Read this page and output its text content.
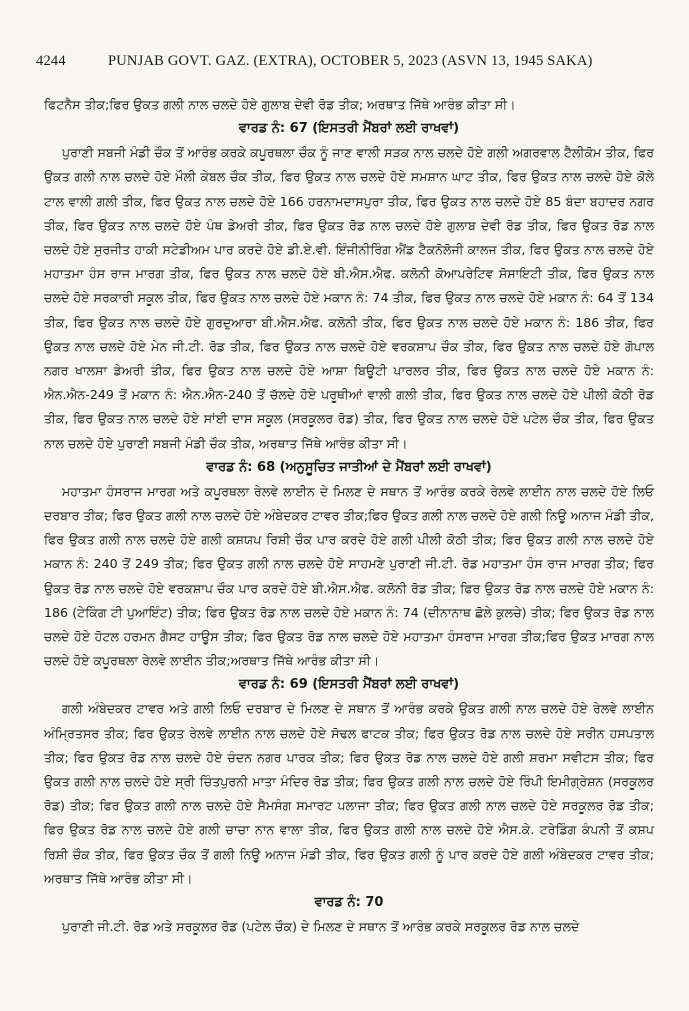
4244	PUNJAB GOVT. GAZ. (EXTRA), OCTOBER 5, 2023 (ASVN 13, 1945 SAKA)

ਫਿਟਨੈਸ ਤੀਕ;ਫਿਰ ਉਕਤ ਗਲੀ ਨਾਲ ਚਲਦੇ ਹੋਏ ਗੁਲਾਬ ਦੇਵੀ ਰੋਡ ਤੀਕ; ਅਰਥਾਤ ਜਿੱਥੇ ਆਰੰਭ ਕੀਤਾ ਸੀ।

ਵਾਰਡ ਨੰ: 67 (ਇਸਤਰੀ ਮੈਂਬਰਾਂ ਲਈ ਰਾਖਵਾਂ)

ਪੁਰਾਣੀ ਸਬਜੀ ਮੰਡੀ ਚੌਕ ਤੋਂ ਆਰੰਭ ਕਰਕੇ ਕਪੂਰਥਲਾ ਚੌਕ ਨੂੰ ਜਾਣ ਵਾਲੀ ਸੜਕ ਨਾਲ ਚਲਦੇ ਹੋਏ ਗਲੀ ਅਗਰਵਾਲ ਟੈਲੀਕੋਮ ਤੀਕ, ਫਿਰ ਉਕਤ ਗਲੀ ਨਾਲ ਚਲਦੇ ਹੋਏ ਮੌਲੀ ਕੇਬਲ ਚੌਕ ਤੀਕ, ਫਿਰ ਉਕਤ ਨਾਲ ਚਲਦੇ ਹੋਏ ਸਮਸ਼ਾਨ ਘਾਟ ਤੀਕ, ਫਿਰ ਉਕਤ ਨਾਲ ਚਲਦੇ ਹੋਏ ਕੋਲੇ ਟਾਲ ਵਾਲੀ ਗਲੀ ਤੀਕ, ਫਿਰ ਉਕਤ ਨਾਲ ਚਲਦੇ ਹੋਏ 166 ਹਰਨਾਮਦਾਸਪੁਰਾ ਤੀਕ, ਫਿਰ ਉਕਤ ਨਾਲ ਚਲਦੇ ਹੋਏ 85 ਬੰਦਾ ਬਹਾਦਰ ਨਗਰ ਤੀਕ, ਫਿਰ ਉਕਤ ਨਾਲ ਚਲਦੇ ਹੋਏ ਪੰਥ ਡੇਅਰੀ ਤੀਕ, ਫਿਰ ਉਕਤ ਰੋਡ ਨਾਲ ਚਲਦੇ ਹੋਏ ਗੁਲਾਬ ਦੇਵੀ ਰੋਡ ਤੀਕ, ਫਿਰ ਉਕਤ ਰੋਡ ਨਾਲ ਚਲਦੇ ਹੋਏ ਸੁਰਜੀਤ ਹਾਕੀ ਸਟੇਡੀਅਮ ਪਾਰ ਕਰਦੇ ਹੋਏ ਡੀ.ਏ.ਵੀ. ਇੰਜੀਨੀਰਿੰਗ ਐਂਡ ਟੈਕਨੋਲੋਜੀ ਕਾਲਜ ਤੀਕ, ਫਿਰ ਉਕਤ ਨਾਲ ਚਲਦੇ ਹੋਏ ਮਹਾਤਮਾ ਹੰਸ ਰਾਜ ਮਾਰਗ ਤੀਕ, ਫਿਰ ਉਕਤ ਨਾਲ ਚਲਦੇ ਹੋਏ ਬੀ.ਐਸ.ਐਫ. ਕਲੋਨੀ ਕੋਆਪਰੇਟਿਵ ਸੋਸਾਇਟੀ ਤੀਕ, ਫਿਰ ਉਕਤ ਨਾਲ ਚਲਦੇ ਹੋਏ ਸਰਕਾਰੀ ਸਕੂਲ ਤੀਕ, ਫਿਰ ਉਕਤ ਨਾਲ ਚਲਦੇ ਹੋਏ ਮਕਾਨ ਨੰ: 74 ਤੀਕ, ਫਿਰ ਉਕਤ ਨਾਲ ਚਲਦੇ ਹੋਏ ਮਕਾਨ ਨੰ: 64 ਤੋਂ 134 ਤੀਕ, ਫਿਰ ਉਕਤ ਨਾਲ ਚਲਦੇ ਹੋਏ ਗੁਰਦੁਆਰਾ ਬੀ.ਐਸ.ਐਫ. ਕਲੋਨੀ ਤੀਕ, ਫਿਰ ਉਕਤ ਨਾਲ ਚਲਦੇ ਹੋਏ ਮਕਾਨ ਨੰ: 186 ਤੀਕ, ਫਿਰ ਉਕਤ ਨਾਲ ਚਲਦੇ ਹੋਏ ਮੇਨ ਜੀ.ਟੀ. ਰੋਡ ਤੀਕ, ਫਿਰ ਉਕਤ ਨਾਲ ਚਲਦੇ ਹੋਏ ਵਰਕਸ਼ਾਪ ਚੌਕ ਤੀਕ, ਫਿਰ ਉਕਤ ਨਾਲ ਚਲਦੇ ਹੋਏ ਗੋਪਾਲ ਨਗਰ ਖਾਲਸਾ ਡੇਅਰੀ ਤੀਕ, ਫਿਰ ਉਕਤ ਨਾਲ ਚਲਦੇ ਹੋਏ ਆਸ਼ਾ ਬਿਊਟੀ ਪਾਰਲਰ ਤੀਕ, ਫਿਰ ਉਕਤ ਨਾਲ ਚਲਦੇ ਹੋਏ ਮਕਾਨ ਨੰ: ਐਨ.ਐਨ-249 ਤੋਂ ਮਕਾਨ ਨੰ: ਐਨ.ਐਨ-240 ਤੋਂ ਚੱਲਦੇ ਹੋਏ ਪਰੂਥੀਆਂ ਵਾਲੀ ਗਲੀ ਤੀਕ, ਫਿਰ ਉਕਤ ਨਾਲ ਚਲਦੇ ਹੋਏ ਪੀਲੀ ਕੋਠੀ ਰੋਡ ਤੀਕ, ਫਿਰ ਉਕਤ ਨਾਲ ਚਲਦੇ ਹੋਏ ਸਾਂਈ ਦਾਸ ਸਕੂਲ (ਸਰਕੂਲਰ ਰੋਡ) ਤੀਕ, ਫਿਰ ਉਕਤ ਨਾਲ ਚਲਦੇ ਹੋਏ ਪਟੇਲ ਚੌਕ ਤੀਕ, ਫਿਰ ਉਕਤ ਨਾਲ ਚਲਦੇ ਹੋਏ ਪੁਰਾਣੀ ਸਬਜੀ ਮੰਡੀ ਚੌਕ ਤੀਕ, ਅਰਥਾਤ ਜਿੱਥੇ ਆਰੰਭ ਕੀਤਾ ਸੀ।

ਵਾਰਡ ਨੰ: 68 (ਅਨੁਸੂਚਿਤ ਜਾਤੀਆਂ ਦੇ ਮੈਂਬਰਾਂ ਲਈ ਰਾਖਵਾਂ)

ਮਹਾਤਮਾ ਹੰਸਰਾਜ ਮਾਰਗ ਅਤੇ ਕਪੂਰਥਲਾ ਰੇਲਵੇ ਲਾਈਨ ਦੇ ਮਿਲਣ ਦੇ ਸਥਾਨ ਤੋਂ ਆਰੰਭ ਕਰਕੇ ਰੇਲਵੇ ਲਾਈਨ ਨਾਲ ਚਲਦੇ ਹੋਏ ਲਿਓ ਦਰਬਾਰ ਤੀਕ; ਫਿਰ ਉਕਤ ਗਲੀ ਨਾਲ ਚਲਦੇ ਹੋਏ ਅੰਬੇਦਕਰ ਟਾਵਰ ਤੀਕ;ਫਿਰ ਉਕਤ ਗਲੀ ਨਾਲ ਚਲਦੇ ਹੋਏ ਗਲੀ ਨਿਊ ਅਨਾਜ ਮੰਡੀ ਤੀਕ, ਫਿਰ ਉਕਤ ਗਲੀ ਨਾਲ ਚਲਦੇ ਹੋਏ ਗਲੀ ਕਸ਼ਯਪ ਰਿਸ਼ੀ ਚੌਕ ਪਾਰ ਕਰਦੇ ਹੋਏ ਗਲੀ ਪੀਲੀ ਕੋਠੀ ਤੀਕ; ਫਿਰ ਉਕਤ ਗਲੀ ਨਾਲ ਚਲਦੇ ਹੋਏ ਮਕਾਨ ਨੰ: 240 ਤੋਂ 249 ਤੀਕ; ਫਿਰ ਉਕਤ ਗਲੀ ਨਾਲ ਚਲਦੇ ਹੋਏ ਸਾਹਮਣੇ ਪੁਰਾਣੀ ਜੀ.ਟੀ. ਰੋਡ ਮਹਾਤਮਾ ਹੰਸ ਰਾਜ ਮਾਰਗ ਤੀਕ; ਫਿਰ ਉਕਤ ਰੋਡ ਨਾਲ ਚਲਦੇ ਹੋਏ ਵਰਕਸ਼ਾਪ ਚੌਕ ਪਾਰ ਕਰਦੇ ਹੋਏ ਬੀ.ਐਸ.ਐਫ. ਕਲੋਨੀ ਰੋਡ ਤੀਕ; ਫਿਰ ਉਕਤ ਰੋਡ ਨਾਲ ਚਲਦੇ ਹੋਏ ਮਕਾਨ ਨੰ: 186 (ਟੇਕਿੰਗ ਟੀ ਪੁਆਇੰਟ) ਤੀਕ; ਫਿਰ ਉਕਤ ਰੋਡ ਨਾਲ ਚਲਦੇ ਹੋਏ ਮਕਾਨ ਨੰ: 74 (ਦੀਨਾਨਾਥ ਛੋਲੇ ਕੁਲਚੇ) ਤੀਕ; ਫਿਰ ਉਕਤ ਰੋਡ ਨਾਲ ਚਲਦੇ ਹੋਏ ਹੋਟਲ ਹਰਮਨ ਗੈਸਟ ਹਾਊਸ ਤੀਕ; ਫਿਰ ਉਕਤ ਰੋਡ ਨਾਲ ਚਲਦੇ ਹੋਏ ਮਹਾਤਮਾ ਹੰਸਰਾਜ ਮਾਰਗ ਤੀਕ;ਫਿਰ ਉਕਤ ਮਾਰਗ ਨਾਲ ਚਲਦੇ ਹੋਏ ਕਪੂਰਥਲਾ ਰੇਲਵੇ ਲਾਈਨ ਤੀਕ;ਅਰਥਾਤ ਜਿੱਥੇ ਆਰੰਭ ਕੀਤਾ ਸੀ।

ਵਾਰਡ ਨੰ: 69 (ਇਸਤਰੀ ਮੈਂਬਰਾਂ ਲਈ ਰਾਖਵਾਂ)

ਗਲੀ ਅੰਬੇਦਕਰ ਟਾਵਰ ਅਤੇ ਗਲੀ ਲਿਓ ਦਰਬਾਰ ਦੇ ਮਿਲਣ ਦੇ ਸਥਾਨ ਤੋਂ ਆਰੰਭ ਕਰਕੇ ਉਕਤ ਗਲੀ ਨਾਲ ਚਲਦੇ ਹੋਏ ਰੇਲਵੇ ਲਾਈਨ ਅੰਮ੍ਰਿਤਸਰ ਤੀਕ; ਫਿਰ ਉਕਤ ਰੇਲਵੇ ਲਾਈਨ ਨਾਲ ਚਲਦੇ ਹੋਏ ਸੋਢਲ ਫਾਟਕ ਤੀਕ; ਫਿਰ ਉਕਤ ਰੋਡ ਨਾਲ ਚਲਦੇ ਹੋਏ ਸਰੀਨ ਹਸਪਤਾਲ ਤੀਕ; ਫਿਰ ਉਕਤ ਰੋਡ ਨਾਲ ਚਲਦੇ ਹੋਏ ਚੰਦਨ ਨਗਰ ਪਾਰਕ ਤੀਕ; ਫਿਰ ਉਕਤ ਰੋਡ ਨਾਲ ਚਲਦੇ ਹੋਏ ਗਲੀ ਸ਼ਰਮਾ ਸਵੀਟਸ ਤੀਕ; ਫਿਰ ਉਕਤ ਗਲੀ ਨਾਲ ਚਲਦੇ ਹੋਏ ਸ੍ਰੀ ਚਿੰਤਪੁਰਨੀ ਮਾਤਾ ਮੰਦਿਰ ਰੋਡ ਤੀਕ; ਫਿਰ ਉਕਤ ਗਲੀ ਨਾਲ ਚਲਦੇ ਹੋਏ ਰਿੰਪੀ ਇਮੀਗ੍ਰੇਸ਼ਨ (ਸਰਕੂਲਰ ਰੋਡ) ਤੀਕ; ਫਿਰ ਉਕਤ ਗਲੀ ਨਾਲ ਚਲਦੇ ਹੋਏ ਸੈਮਸੰਗ ਸਮਾਰਟ ਪਲਾਜਾ ਤੀਕ; ਫਿਰ ਉਕਤ ਗਲੀ ਨਾਲ ਚਲਦੇ ਹੋਏ ਸਰਕੂਲਰ ਰੋਡ ਤੀਕ; ਫਿਰ ਉਕਤ ਰੋਡ ਨਾਲ ਚਲਦੇ ਹੋਏ ਗਲੀ ਚਾਚਾ ਨਾਨ ਵਾਲਾ ਤੀਕ, ਫਿਰ ਉਕਤ ਗਲੀ ਨਾਲ ਚਲਦੇ ਹੋਏ ਐਸ.ਕੇ. ਟਰੇਡਿੰਗ ਕੰਪਨੀ ਤੋਂ ਕਸ਼ਪ ਰਿਸ਼ੀ ਚੌਕ ਤੀਕ, ਫਿਰ ਉਕਤ ਚੌਕ ਤੋਂ ਗਲੀ ਨਿਊ ਅਨਾਜ ਮੰਡੀ ਤੀਕ, ਫਿਰ ਉਕਤ ਗਲੀ ਨੂੰ ਪਾਰ ਕਰਦੇ ਹੋਏ ਗਲੀ ਅੰਬੇਦਕਰ ਟਾਵਰ ਤੀਕ; ਅਰਥਾਤ ਜਿੱਥੇ ਆਰੰਭ ਕੀਤਾ ਸੀ।

ਵਾਰਡ ਨੰ: 70

ਪੁਰਾਣੀ ਜੀ.ਟੀ. ਰੋਡ ਅਤੇ ਸਰਕੂਲਰ ਰੋਡ (ਪਟੇਲ ਚੌਕ) ਦੇ ਮਿਲਣ ਦੇ ਸਥਾਨ ਤੋਂ ਆਰੰਭ ਕਰਕੇ ਸਰਕੂਲਰ ਰੋਡ ਨਾਲ ਚਲਦੇ
